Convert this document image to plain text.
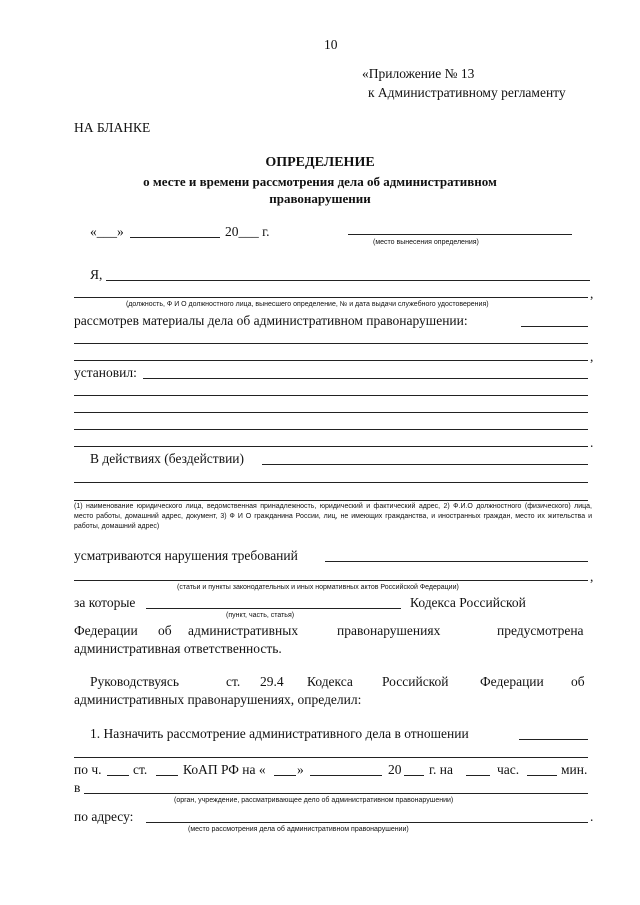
10
«Приложение № 13
к Административному регламенту
НА БЛАНКЕ
ОПРЕДЕЛЕНИЕ
о месте и времени рассмотрения дела об административном
правонарушении
«___»	20___ г.
(место вынесения определения)
Я,
,
(должность, Ф И О должностного лица, вынесшего определение, № и дата выдачи служебного удостоверения)
рассмотрев материалы дела об административном правонарушении:
,
установил:
.
В действиях (бездействии)
(1) наименование юридического лица, ведомственная принадлежность, юридический и фактический адрес, 2) Ф.И.О должностного (физического) лица, место работы, домашний адрес, документ, 3) Ф И О гражданина России, лиц, не имеющих гражданства, и иностранных граждан, место их жительства и работы, домашний адрес)
усматриваются нарушения требований
,
(статьи и пункты законодательных и иных нормативных актов Российской Федерации)
за которые	Кодекса Российской
(пункт, часть, статья)
Федерации об административных	правонарушениях	предусмотрена
административная ответственность.
Руководствуясь	ст. 29.4 Кодекса Российской Федерации об
административных правонарушениях, определил:
1. Назначить рассмотрение административного дела в отношении
по ч. ст.	КоАП РФ на « »	20 г. на	час.	мин.
в
(орган, учреждение, рассматривающее дело об административном правонарушении)
по адресу:	.
(место рассмотрения дела об административном правонарушении)
